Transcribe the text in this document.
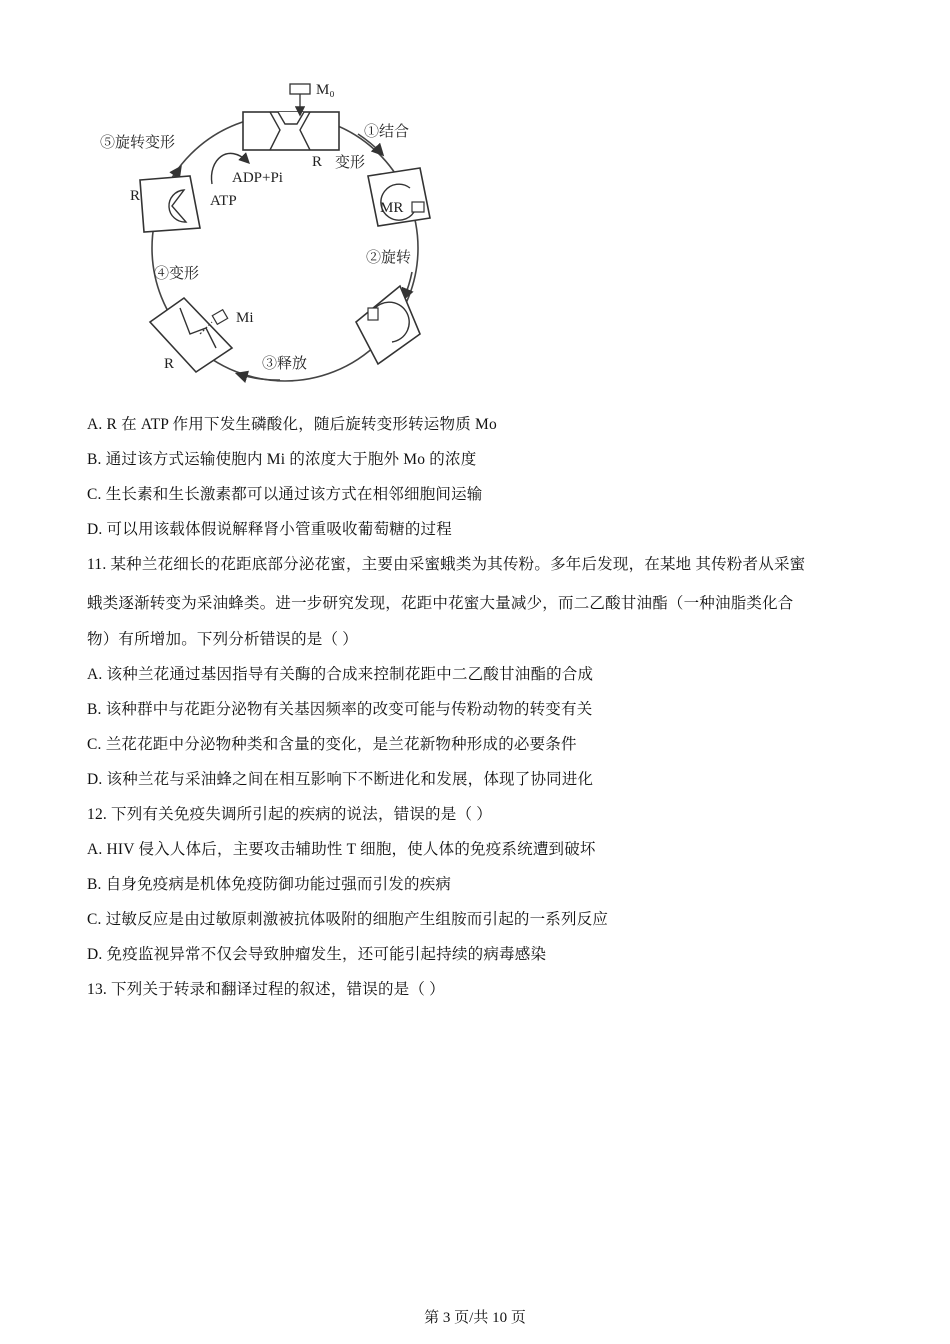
M₀
①结合
R 变形
⑤旋转变形
ADP+Pi
ATP
R
MR
②旋转
Mi
④变形
R	③释放
A. R 在 ATP 作用下发生磷酸化，随后旋转变形转运物质 Mo
B. 通过该方式运输使胞内 Mi 的浓度大于胞外 Mo 的浓度
C. 生长素和生长激素都可以通过该方式在相邻细胞间运输
D. 可以用该载体假说解释肾小管重吸收葡萄糖的过程
11. 某种兰花细长的花距底部分泌花蜜，主要由采蜜蛾类为其传粉。多年后发现，在某地 其传粉者从采蜜
蛾类逐渐转变为采油蜂类。进一步研究发现，花距中花蜜大量减少，而二乙酸甘油酯（一种油脂类化合
物）有所增加。下列分析错误的是（ ）
A. 该种兰花通过基因指导有关酶的合成来控制花距中二乙酸甘油酯的合成
B. 该种群中与花距分泌物有关基因频率的改变可能与传粉动物的转变有关
C. 兰花花距中分泌物种类和含量的变化，是兰花新物种形成的必要条件
D. 该种兰花与采油蜂之间在相互影响下不断进化和发展，体现了协同进化
12. 下列有关免疫失调所引起的疾病的说法，错误的是（ ）
A. HIV 侵入人体后，主要攻击辅助性 T 细胞，使人体的免疫系统遭到破坏
B. 自身免疫病是机体免疫防御功能过强而引发的疾病
C. 过敏反应是由过敏原刺激被抗体吸附的细胞产生组胺而引起的一系列反应
D. 免疫监视异常不仅会导致肿瘤发生，还可能引起持续的病毒感染
13. 下列关于转录和翻译过程的叙述，错误的是（ ）
第 3 页/共 10 页
